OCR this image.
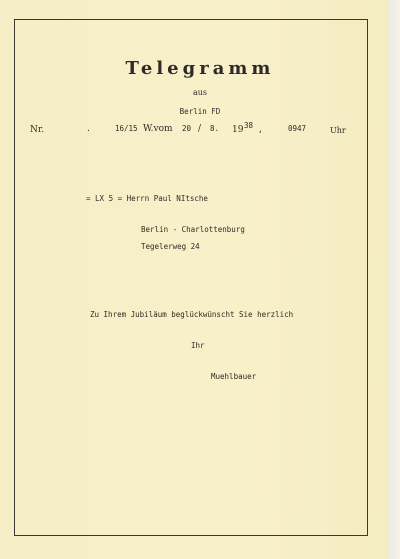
Telegramm
aus
Berlin FD
Nr.	.	16/15 W.vom 20 / 8. 19 38 ,	0947	Uhr
= LX 5 = Herrn Paul NItsche
Berlin - Charlottenburg
Tegelerweg 24
Zu Ihrem Jubiläum beglückwünscht Sie herzlich
Ihr
Muehlbauer
